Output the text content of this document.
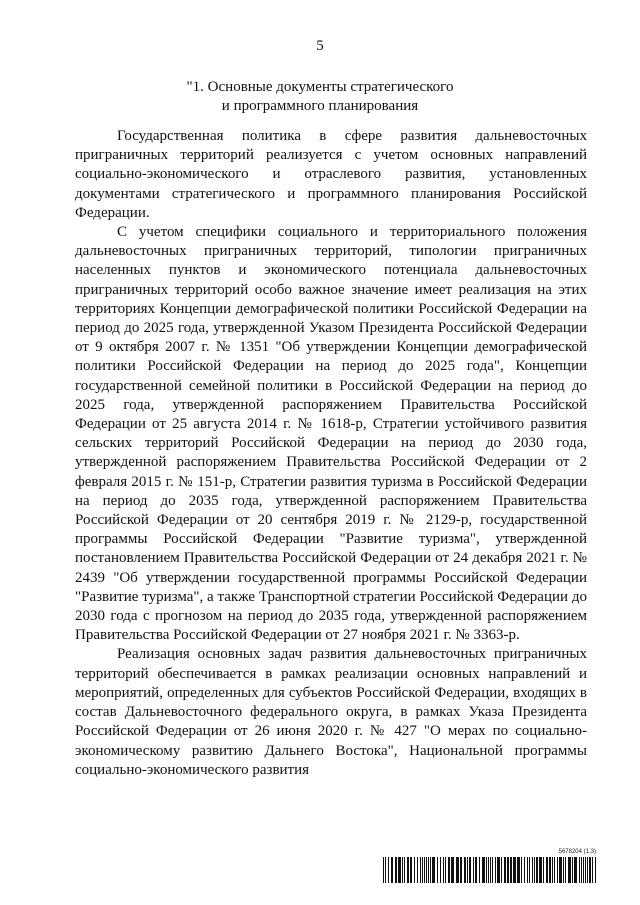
5
"1. Основные документы стратегического
и программного планирования

Государственная политика в сфере развития дальневосточных приграничных территорий реализуется с учетом основных направлений социально-экономического и отраслевого развития, установленных документами стратегического и программного планирования Российской Федерации.

С учетом специфики социального и территориального положения дальневосточных приграничных территорий, типологии приграничных населенных пунктов и экономического потенциала дальневосточных приграничных территорий особо важное значение имеет реализация на этих территориях Концепции демографической политики Российской Федерации на период до 2025 года, утвержденной Указом Президента Российской Федерации от 9 октября 2007 г. № 1351 "Об утверждении Концепции демографической политики Российской Федерации на период до 2025 года", Концепции государственной семейной политики в Российской Федерации на период до 2025 года, утвержденной распоряжением Правительства Российской Федерации от 25 августа 2014 г. № 1618-р, Стратегии устойчивого развития сельских территорий Российской Федерации на период до 2030 года, утвержденной распоряжением Правительства Российской Федерации от 2 февраля 2015 г. № 151-р, Стратегии развития туризма в Российской Федерации на период до 2035 года, утвержденной распоряжением Правительства Российской Федерации от 20 сентября 2019 г. № 2129-р, государственной программы Российской Федерации "Развитие туризма", утвержденной постановлением Правительства Российской Федерации от 24 декабря 2021 г. № 2439 "Об утверждении государственной программы Российской Федерации "Развитие туризма", а также Транспортной стратегии Российской Федерации до 2030 года с прогнозом на период до 2035 года, утвержденной распоряжением Правительства Российской Федерации от 27 ноября 2021 г. № 3363-р.

Реализация основных задач развития дальневосточных приграничных территорий обеспечивается в рамках реализации основных направлений и мероприятий, определенных для субъектов Российской Федерации, входящих в состав Дальневосточного федерального округа, в рамках Указа Президента Российской Федерации от 26 июня 2020 г. № 427 "О мерах по социально-экономическому развитию Дальнего Востока", Национальной программы социально-экономического развития

5678204 (1.3)
